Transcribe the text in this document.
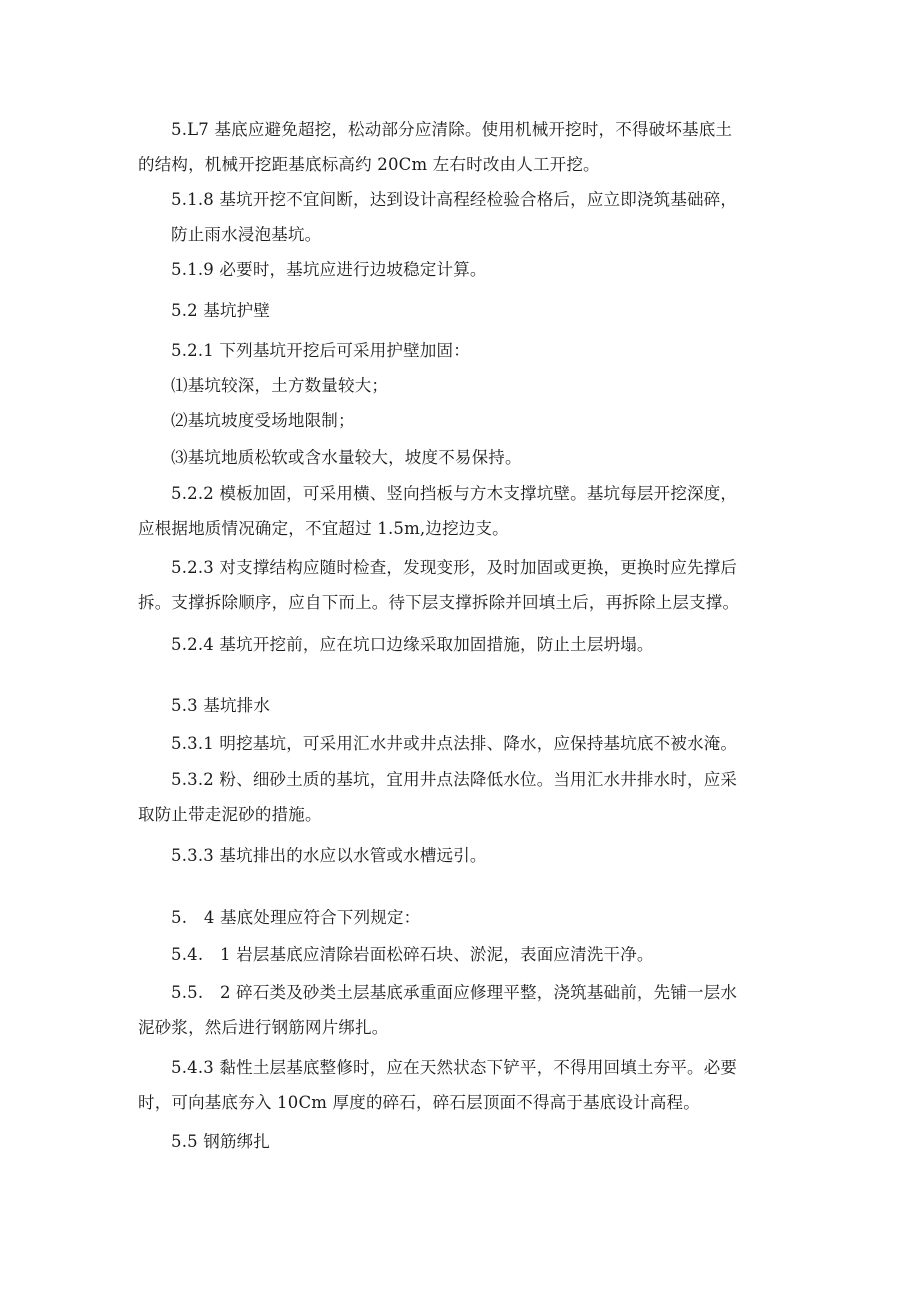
5.L7 基底应避免超挖，松动部分应清除。使用机械开挖时，不得破坏基底土
的结构，机械开挖距基底标高约 20Cm 左右时改由人工开挖。
5.1.8 基坑开挖不宜间断，达到设计高程经检验合格后，应立即浇筑基础碎，
防止雨水浸泡基坑。
5.1.9 必要时，基坑应进行边坡稳定计算。
5.2 基坑护壁
5.2.1 下列基坑开挖后可采用护壁加固：
⑴基坑较深，土方数量较大；
⑵基坑坡度受场地限制；
⑶基坑地质松软或含水量较大，坡度不易保持。
5.2.2 模板加固，可采用横、竖向挡板与方木支撑坑壁。基坑每层开挖深度，
应根据地质情况确定，不宜超过 1.5m,边挖边支。
5.2.3 对支撑结构应随时检查，发现变形，及时加固或更换，更换时应先撑后
拆。支撑拆除顺序，应自下而上。待下层支撑拆除并回填土后，再拆除上层支撑。
5.2.4 基坑开挖前，应在坑口边缘采取加固措施，防止土层坍塌。
5.3 基坑排水
5.3.1 明挖基坑，可采用汇水井或井点法排、降水，应保持基坑底不被水淹。
5.3.2 粉、细砂土质的基坑，宜用井点法降低水位。当用汇水井排水时，应采
取防止带走泥砂的措施。
5.3.3 基坑排出的水应以水管或水槽远引。
5.　4 基底处理应符合下列规定：
5.4.　1 岩层基底应清除岩面松碎石块、淤泥，表面应清洗干净。
5.5.　2 碎石类及砂类土层基底承重面应修理平整，浇筑基础前，先铺一层水
泥砂浆，然后进行钢筋网片绑扎。
5.4.3 黏性土层基底整修时，应在天然状态下铲平，不得用回填土夯平。必要
时，可向基底夯入 10Cm 厚度的碎石，碎石层顶面不得高于基底设计高程。
5.5 钢筋绑扎
